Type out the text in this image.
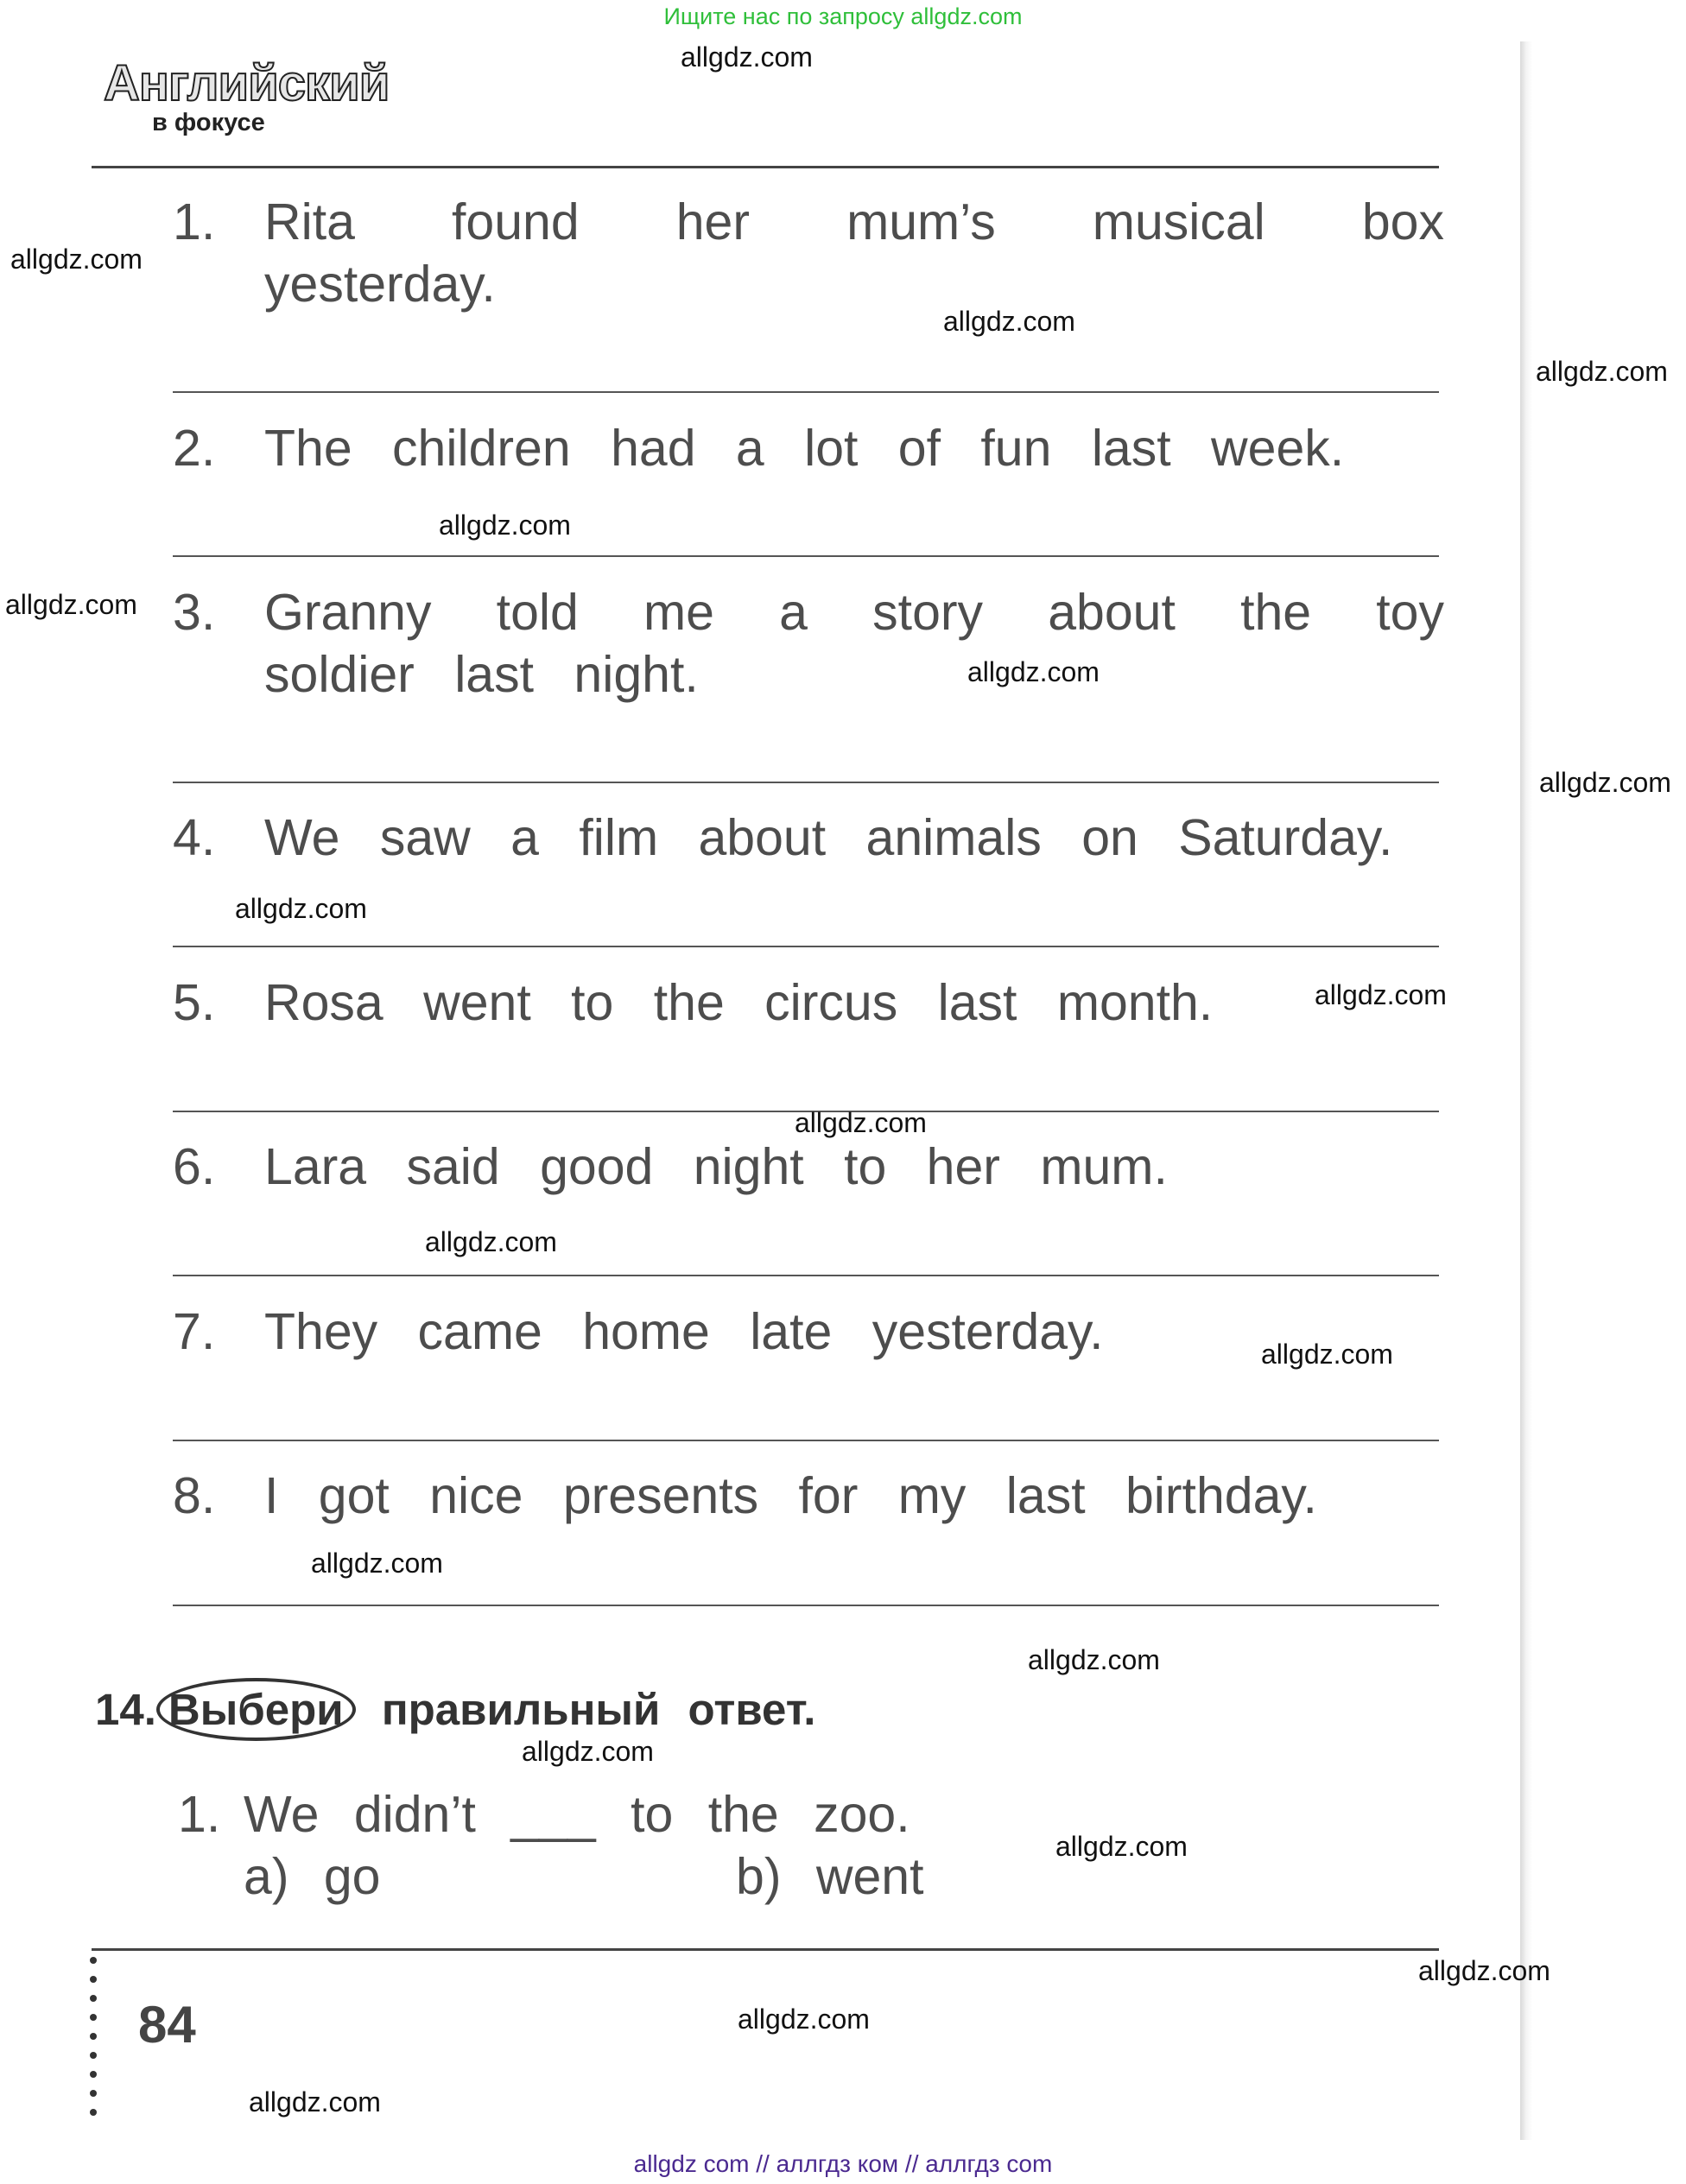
Ищите нас по запросу allgdz.com
Английский
в фокусе
1. Rita found her mum’s musical box
yesterday.
2. The children had a lot of fun last week.
3. Granny told me a story about the toy
soldier last night.
4. We saw a film about animals on Saturday.
5. Rosa went to the circus last month.
6. Lara said good night to her mum.
7. They came home late yesterday.
8. I got nice presents for my last birthday.
14. Выбери правильный ответ.
1. We didn’t ___ to the zoo.
a) go	b) went
84
allgdz.com
allgdz.com
allgdz.com
allgdz.com
allgdz.com
allgdz.com
allgdz.com
allgdz.com
allgdz.com
allgdz.com
allgdz.com
allgdz.com
allgdz.com
allgdz.com
allgdz.com
allgdz.com
allgdz.com
allgdz.com
allgdz.com
allgdz.com
allgdz com // аллгдз ком // аллгдз com
